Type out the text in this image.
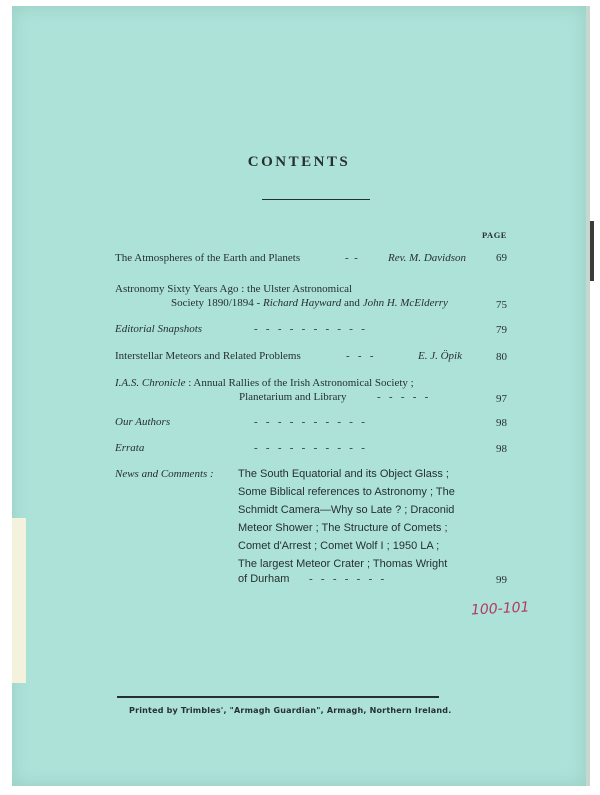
CONTENTS
PAGE
The Atmospheres of the Earth and Planets	-  -	Rev. M. Davidson	69
Astronomy Sixty Years Ago : the Ulster Astronomical
Society 1890/1894 - Richard Hayward and John H. McElderry	75
Editorial Snapshots	-   -   -   -   -   -   -   -   -   -	79
Interstellar Meteors and Related Problems	-   -   -	E. J. Öpik	80
I.A.S. Chronicle : Annual Rallies of the Irish Astronomical Society ;
Planetarium and Library	-   -   -   -   -	97
Our Authors	-   -   -   -   -   -   -   -   -   -	98
Errata	-   -   -   -   -   -   -   -   -   -	98
News and Comments : The South Equatorial and its Object Glass ;
Some Biblical references to Astronomy ; The
Schmidt Camera—Why so Late ? ; Draconid
Meteor Shower ; The Structure of Comets ;
Comet d'Arrest ; Comet Wolf I ; 1950 LA ;
The largest Meteor Crater ; Thomas Wright
of Durham -   -   -   -   -   -   -	99
100-101
Printed by Trimbles', "Armagh Guardian", Armagh, Northern Ireland.
